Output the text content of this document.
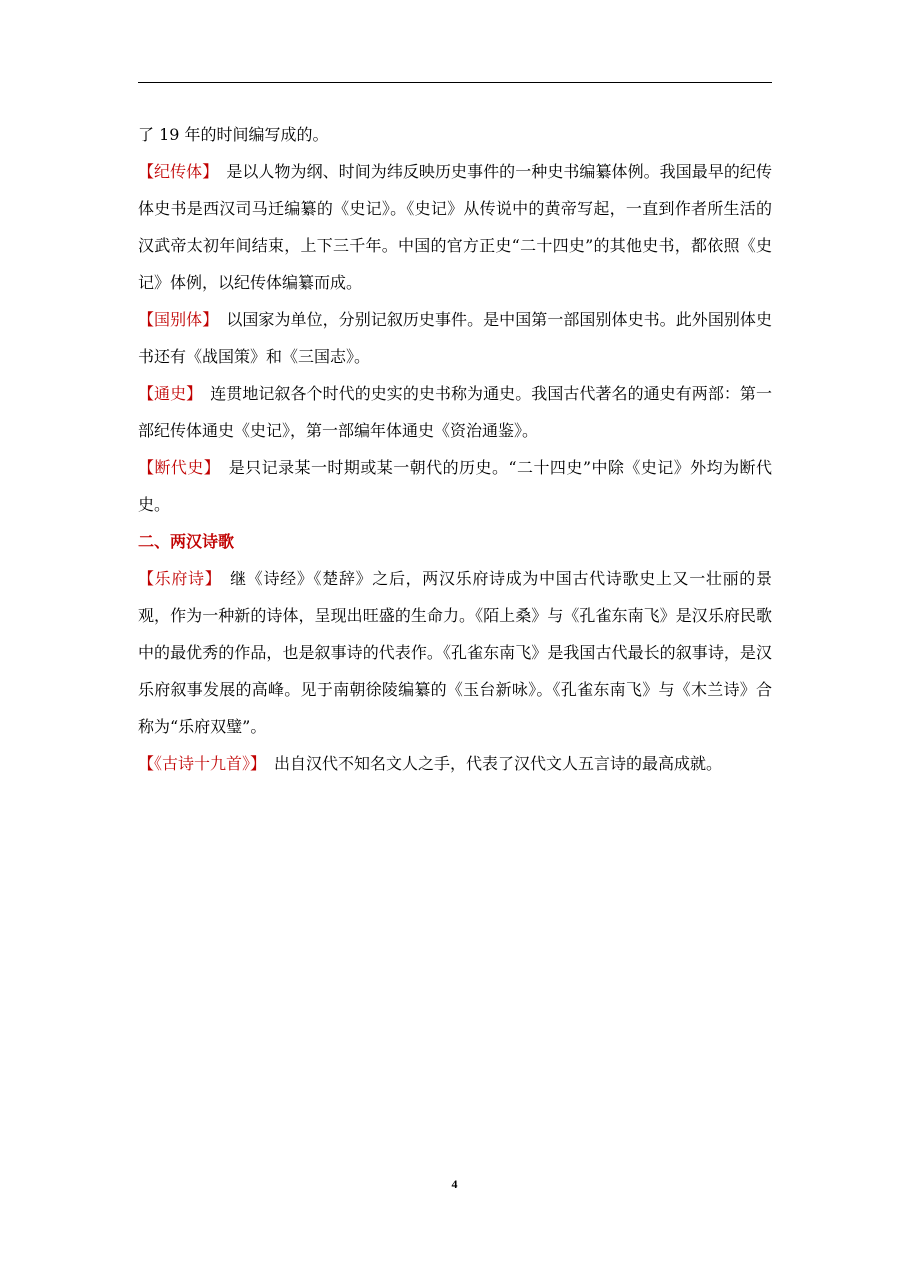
了 19 年的时间编写成的。

【纪传体】 是以人物为纲、时间为纬反映历史事件的一种史书编纂体例。我国最早的纪传体史书是西汉司马迁编纂的《史记》。《史记》从传说中的黄帝写起，一直到作者所生活的汉武帝太初年间结束，上下三千年。中国的官方正史“二十四史”的其他史书，都依照《史记》体例，以纪传体编纂而成。

【国别体】 以国家为单位，分别记叙历史事件。是中国第一部国别体史书。此外国别体史书还有《战国策》和《三国志》。

【通史】 连贯地记叙各个时代的史实的史书称为通史。我国古代著名的通史有两部：第一部纪传体通史《史记》，第一部编年体通史《资治通鉴》。

【断代史】 是只记录某一时期或某一朝代的历史。“二十四史”中除《史记》外均为断代史。

二、两汉诗歌

【乐府诗】 继《诗经》《楚辞》之后，两汉乐府诗成为中国古代诗歌史上又一壮丽的景观，作为一种新的诗体，呈现出旺盛的生命力。《陌上桑》与《孔雀东南飞》是汉乐府民歌中的最优秀的作品，也是叙事诗的代表作。《孔雀东南飞》是我国古代最长的叙事诗，是汉乐府叙事发展的高峰。见于南朝徐陵编纂的《玉台新咏》。《孔雀东南飞》与《木兰诗》合称为“乐府双璧”。

【《古诗十九首》】 出自汉代不知名文人之手，代表了汉代文人五言诗的最高成就。

4
